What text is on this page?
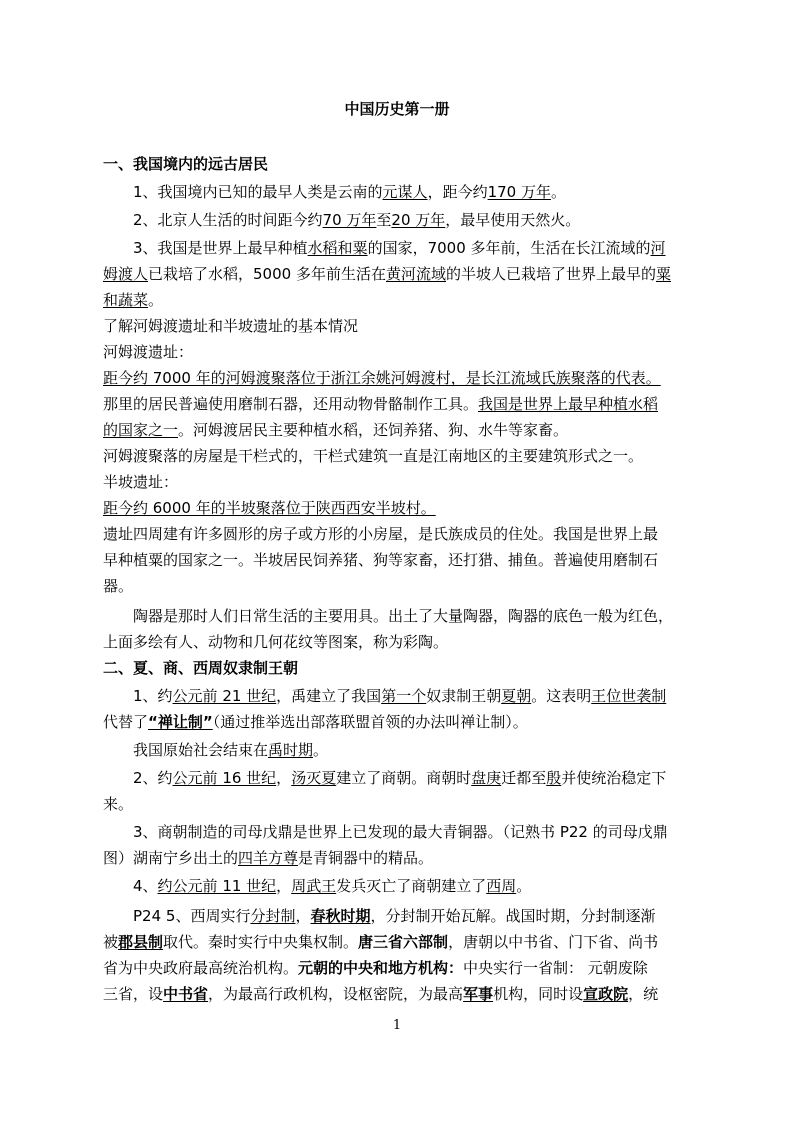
中国历史第一册
一、我国境内的远古居民
1、我国境内已知的最早人类是云南的元谋人，距今约170 万年。
2、北京人生活的时间距今约70 万年至20 万年，最早使用天然火。
3、我国是世界上最早种植水稻和粟的国家，7000 多年前，生活在长江流域的河
姆渡人已栽培了水稻，5000 多年前生活在黄河流域的半坡人已栽培了世界上最早的粟
和蔬菜。
了解河姆渡遗址和半坡遗址的基本情况
河姆渡遗址：
距今约 7000 年的河姆渡聚落位于浙江余姚河姆渡村，是长江流域氏族聚落的代表。
那里的居民普遍使用磨制石器，还用动物骨骼制作工具。我国是世界上最早种植水稻
的国家之一。河姆渡居民主要种植水稻，还饲养猪、狗、水牛等家畜。
河姆渡聚落的房屋是干栏式的，干栏式建筑一直是江南地区的主要建筑形式之一。
半坡遗址：
距今约 6000 年的半坡聚落位于陕西西安半坡村。
遗址四周建有许多圆形的房子或方形的小房屋，是氏族成员的住处。我国是世界上最
早种植粟的国家之一。半坡居民饲养猪、狗等家畜，还打猎、捕鱼。普遍使用磨制石
器。
陶器是那时人们日常生活的主要用具。出土了大量陶器，陶器的底色一般为红色，
上面多绘有人、动物和几何花纹等图案，称为彩陶。
二、夏、商、西周奴隶制王朝
1、约公元前 21 世纪，禹建立了我国第一个奴隶制王朝夏朝。这表明王位世袭制
代替了“禅让制”（通过推举选出部落联盟首领的办法叫禅让制）。
我国原始社会结束在禹时期。
2、约公元前 16 世纪，汤灭夏建立了商朝。商朝时盘庚迁都至殷并使统治稳定下
来。
3、商朝制造的司母戊鼎是世界上已发现的最大青铜器。（记熟书 P22 的司母戊鼎
图）湖南宁乡出土的四羊方尊是青铜器中的精品。
4、约公元前 11 世纪，周武王发兵灭亡了商朝建立了西周。
P24 5、西周实行分封制，春秋时期，分封制开始瓦解。战国时期，分封制逐渐
被郡县制取代。秦时实行中央集权制。唐三省六部制，唐朝以中书省、门下省、尚书
省为中央政府最高统治机构。元朝的中央和地方机构：中央实行一省制： 元朝废除
三省，设中书省，为最高行政机构，设枢密院，为最高军事机构，同时设宣政院，统
1
